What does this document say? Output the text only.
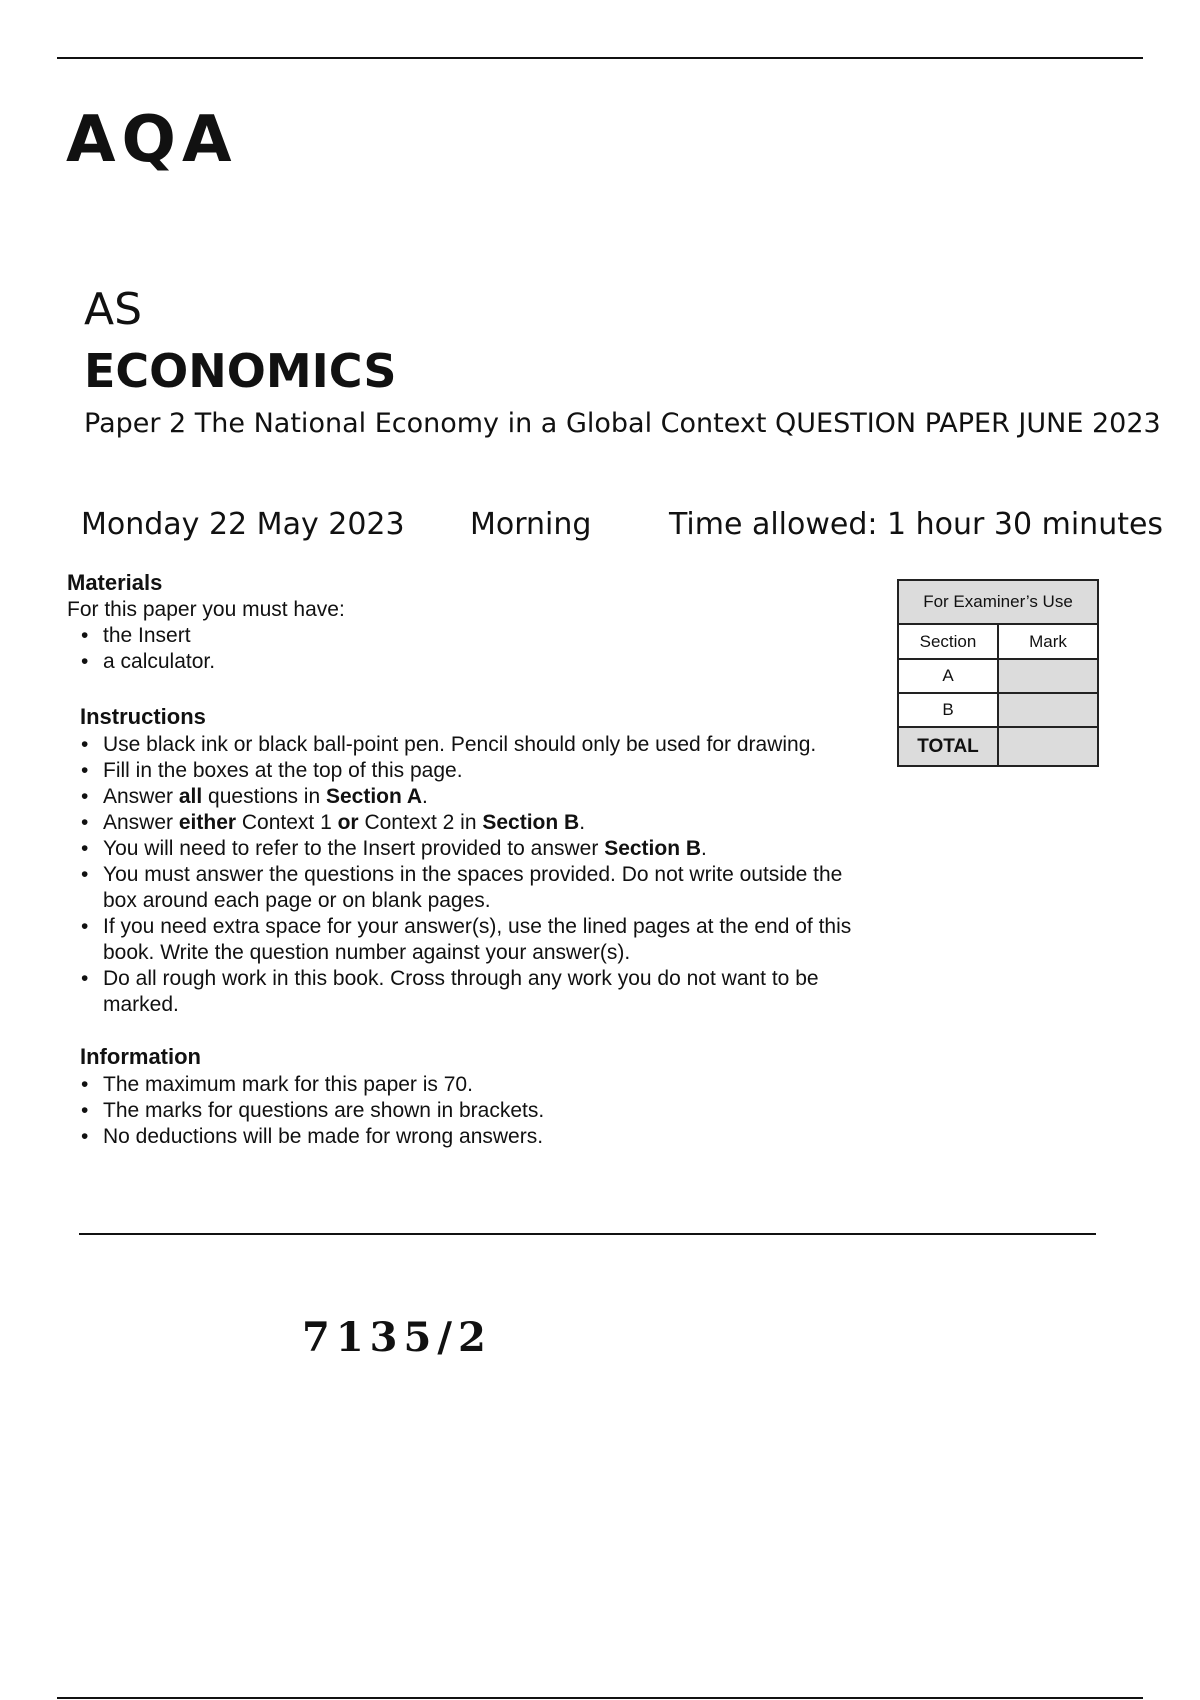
AQA
AS
ECONOMICS
Paper 2 The National Economy in a Global Context QUESTION PAPER JUNE 2023
Monday 22 May 2023 Morning	Time allowed: 1 hour 30 minutes
Materials
For this paper you must have:
• the Insert
• a calculator.
Instructions
• Use black ink or black ball-point pen. Pencil should only be used for drawing.
• Fill in the boxes at the top of this page.
• Answer all questions in Section A.
• Answer either Context 1 or Context 2 in Section B.
• You will need to refer to the Insert provided to answer Section B.
• You must answer the questions in the spaces provided. Do not write outside the box around each page or on blank pages.
• If you need extra space for your answer(s), use the lined pages at the end of this book. Write the question number against your answer(s).
• Do all rough work in this book. Cross through any work you do not want to be marked.
Information
• The maximum mark for this paper is 70.
• The marks for questions are shown in brackets.
• No deductions will be made for wrong answers.
For Examiner’s Use	
Section	Mark
A	
B	
TOTAL	
7135/2
